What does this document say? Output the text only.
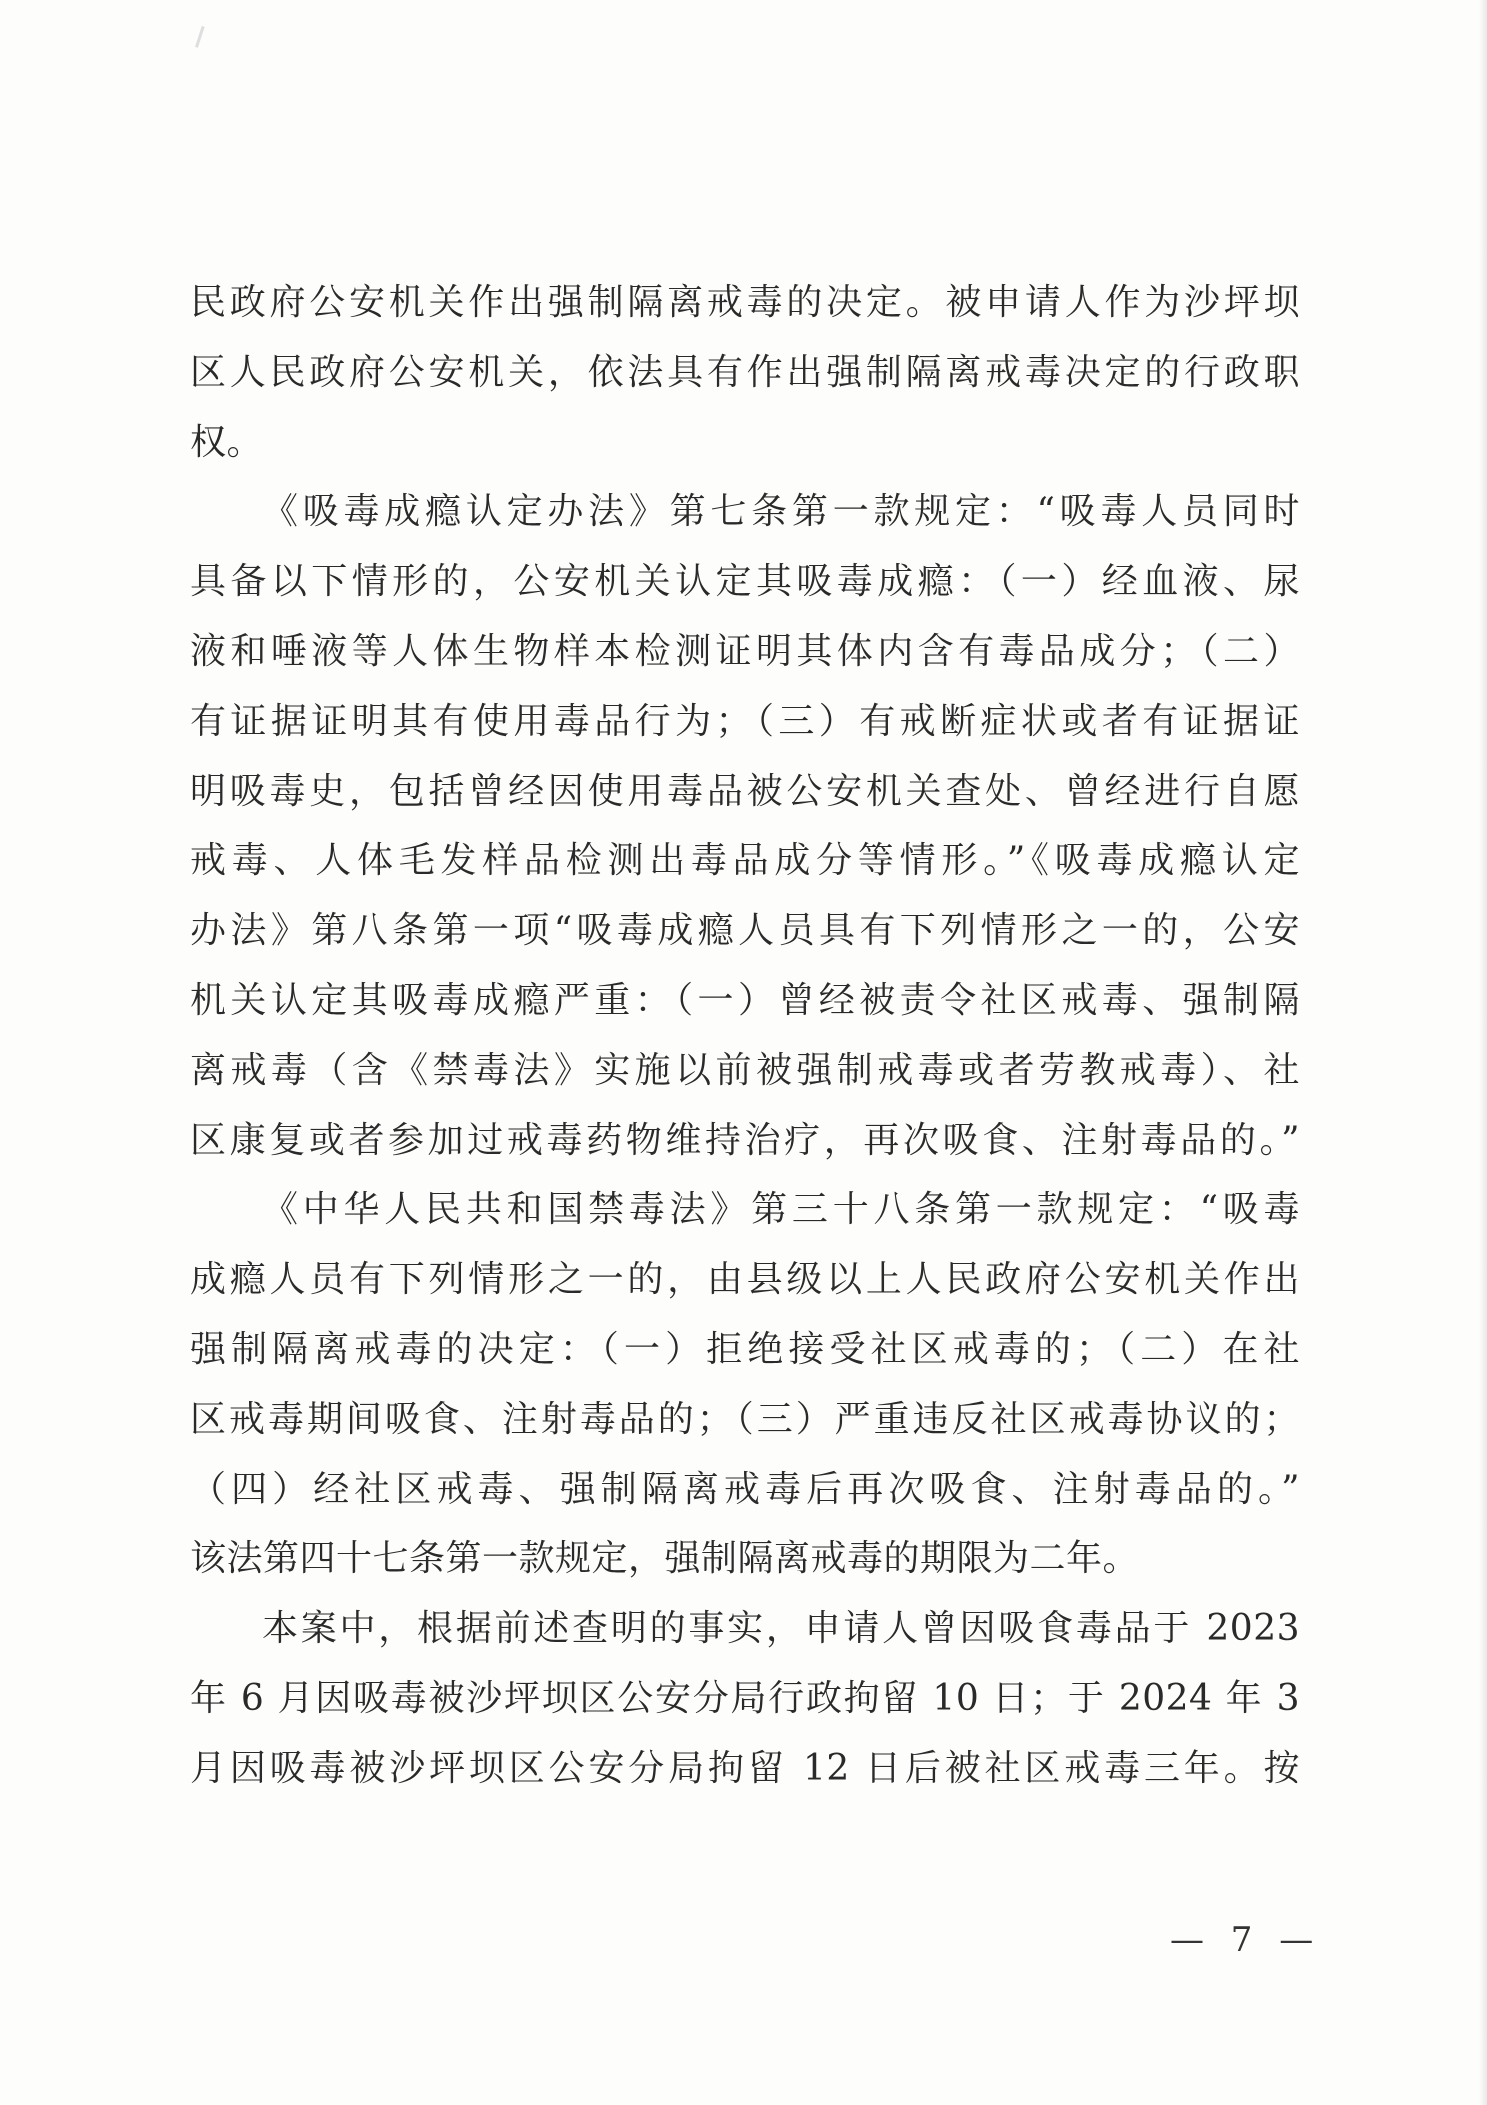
民政府公安机关作出强制隔离戒毒的决定。被申请人作为沙坪坝
区人民政府公安机关，依法具有作出强制隔离戒毒决定的行政职
权。
《吸毒成瘾认定办法》第七条第一款规定：“吸毒人员同时
具备以下情形的，公安机关认定其吸毒成瘾：（一）经血液、尿
液和唾液等人体生物样本检测证明其体内含有毒品成分；（二）
有证据证明其有使用毒品行为；（三）有戒断症状或者有证据证
明吸毒史，包括曾经因使用毒品被公安机关查处、曾经进行自愿
戒毒、人体毛发样品检测出毒品成分等情形。”《吸毒成瘾认定
办法》第八条第一项“吸毒成瘾人员具有下列情形之一的，公安
机关认定其吸毒成瘾严重：（一）曾经被责令社区戒毒、强制隔
离戒毒（含《禁毒法》实施以前被强制戒毒或者劳教戒毒）、社
区康复或者参加过戒毒药物维持治疗，再次吸食、注射毒品的。”
《中华人民共和国禁毒法》第三十八条第一款规定：“吸毒
成瘾人员有下列情形之一的，由县级以上人民政府公安机关作出
强制隔离戒毒的决定：（一）拒绝接受社区戒毒的；（二）在社
区戒毒期间吸食、注射毒品的；（三）严重违反社区戒毒协议的；
（四）经社区戒毒、强制隔离戒毒后再次吸食、注射毒品的。”
该法第四十七条第一款规定，强制隔离戒毒的期限为二年。
本案中，根据前述查明的事实，申请人曾因吸食毒品于 2023
年 6 月因吸毒被沙坪坝区公安分局行政拘留 10 日；于 2024 年 3
月因吸毒被沙坪坝区公安分局拘留 12 日后被社区戒毒三年。按
— 7 —
